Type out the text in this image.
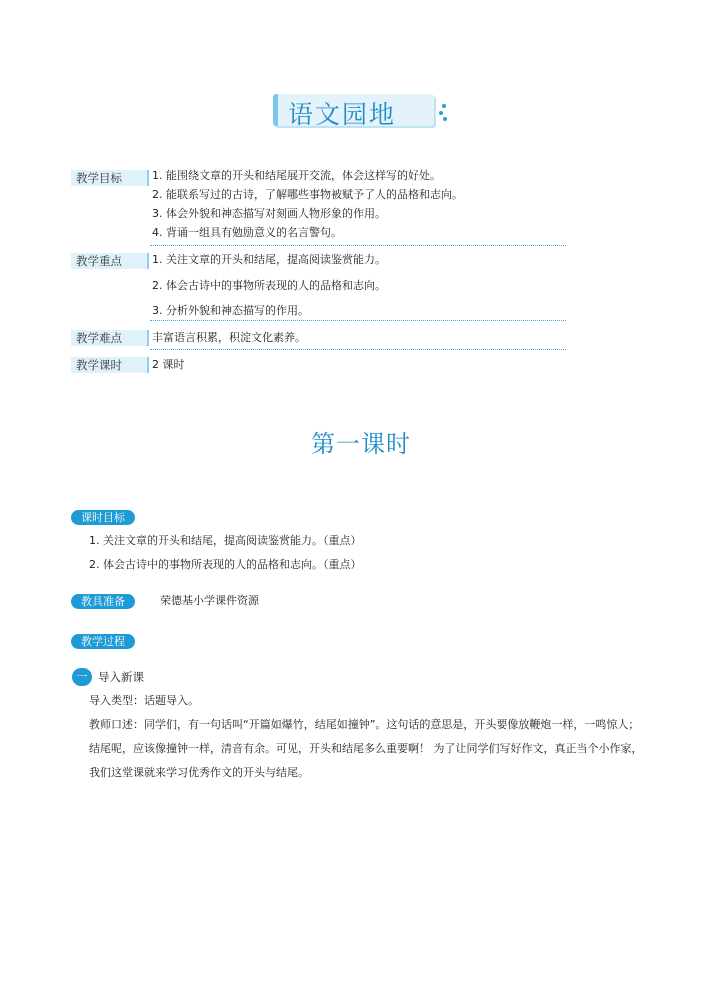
语文园地
教学目标	1. 能围绕文章的开头和结尾展开交流，体会这样写的好处。
2. 能联系写过的古诗，了解哪些事物被赋予了人的品格和志向。
3. 体会外貌和神态描写对刻画人物形象的作用。
4. 背诵一组具有勉励意义的名言警句。
教学重点	1. 关注文章的开头和结尾，提高阅读鉴赏能力。
2. 体会古诗中的事物所表现的人的品格和志向。
3. 分析外貌和神态描写的作用。
教学难点	丰富语言积累，积淀文化素养。
教学课时	2 课时
第一课时
课时目标
1. 关注文章的开头和结尾，提高阅读鉴赏能力。（重点）
2. 体会古诗中的事物所表现的人的品格和志向。（重点）
教具准备	荣德基小学课件资源
教学过程
一 导入新课
导入类型：话题导入。
教师口述：同学们，有一句话叫“开篇如爆竹，结尾如撞钟”。这句话的意思是，开头要像放鞭炮一样，一鸣惊人；结尾呢，应该像撞钟一样，清音有余。可见，开头和结尾多么重要啊！ 为了让同学们写好作文，真正当个小作家，我们这堂课就来学习优秀作文的开头与结尾。
